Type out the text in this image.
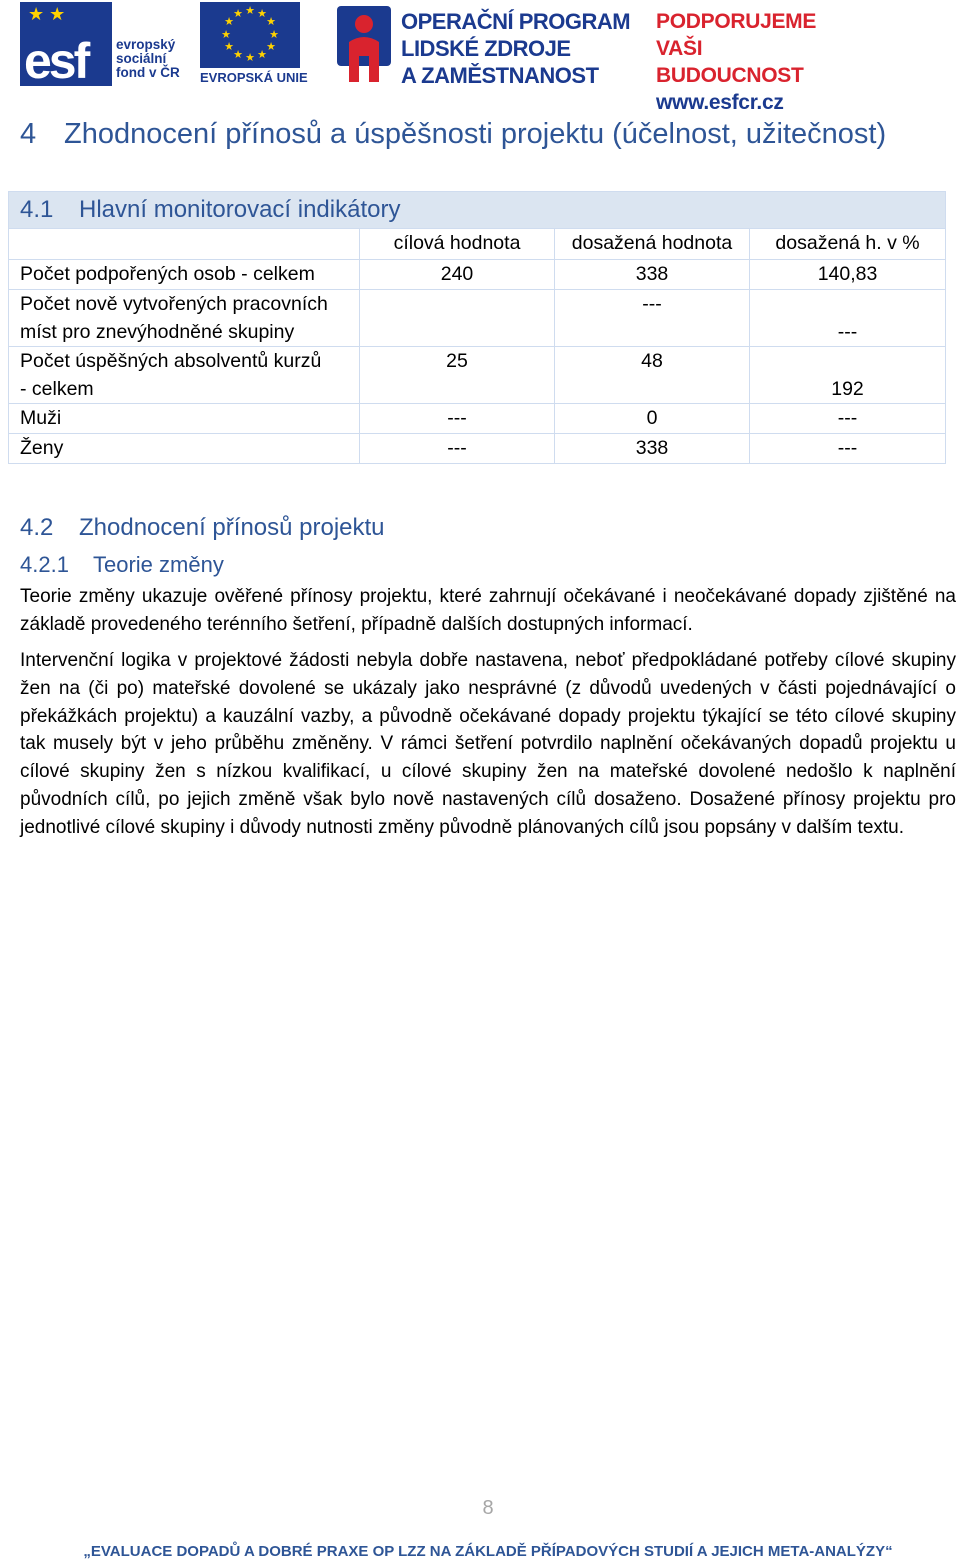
★ ★
esf evropský
sociální
fond v ČR
★ ★
★
★
★
★
★
★
★
★
★
★
EVROPSKÁ UNIE
OPERAČNÍ PROGRAM
LIDSKÉ ZDROJE
A ZAMĚSTNANOST
PODPORUJEME
VAŠI BUDOUCNOST
www.esfcr.cz
4 Zhodnocení přínosů a úspěšnosti projektu (účelnost, užitečnost)
4.1 Hlavní monitorovací indikátory			
	cílová hodnota	dosažená hodnota	dosažená h. v %
Počet podpořených osob - celkem	240	338	140,83

Počet nově vytvořených pracovních
míst pro znevýhodněné skupiny		---	---

Počet úspěšných absolventů kurzů
- celkem	25	48	192
Muži	---	0	---
Ženy	---	338	---
4.2 Zhodnocení přínosů projektu
4.2.1 Teorie změny

Teorie změny ukazuje ověřené přínosy projektu, které zahrnují očekávané i neočekávané dopady zjištěné na základě provedeného terénního šetření, případně dalších dostupných informací.

Intervenční logika v projektové žádosti nebyla dobře nastavena, neboť předpokládané potřeby cílové skupiny žen na (či po) mateřské dovolené se ukázaly jako nesprávné (z důvodů uvedených v části pojednávající o překážkách projektu) a kauzální vazby, a původně očekávané dopady projektu týkající se této cílové skupiny tak musely být v jeho průběhu změněny. V rámci šetření potvrdilo naplnění očekávaných dopadů projektu u cílové skupiny žen s nízkou kvalifikací, u cílové skupiny žen na mateřské dovolené nedošlo k naplnění původních cílů, po jejich změně však bylo nově nastavených cílů dosaženo. Dosažené přínosy projektu pro jednotlivé cílové skupiny i důvody nutnosti změny původně plánovaných cílů jsou popsány v dalším textu.

8
„EVALUACE DOPADŮ A DOBRÉ PRAXE OP LZZ NA ZÁKLADĚ PŘÍPADOVÝCH STUDIÍ A JEJICH META-ANALÝZY“
